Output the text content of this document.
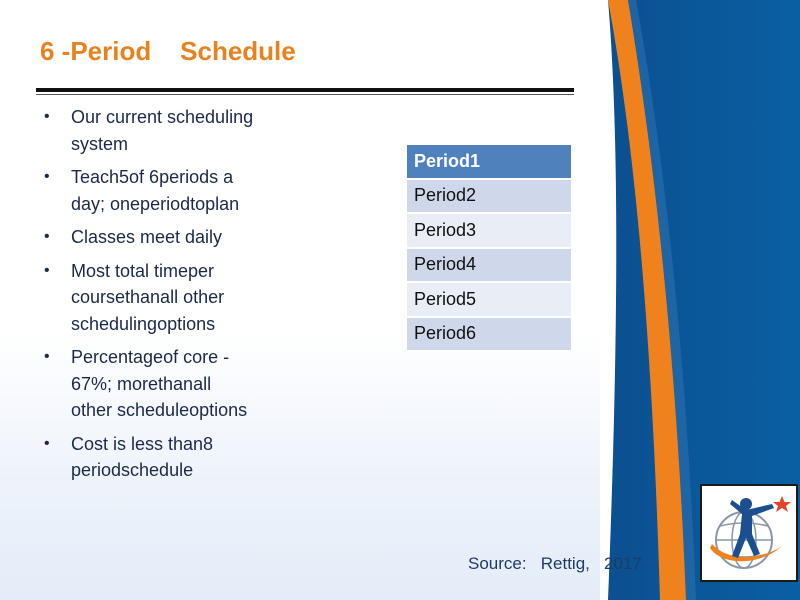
6 -Period    Schedule
• Our current scheduling
system
• Teach5of 6periods a
day; oneperiodtoplan
• Classes meet daily
• Most total timeper
coursethanall other
schedulingoptions
• Percentageof core -
67%; morethanall
other scheduleoptions
• Cost is less than8
periodschedule
Period1
Period2
Period3
Period4
Period5
Period6
Source:   Rettig,   2017
